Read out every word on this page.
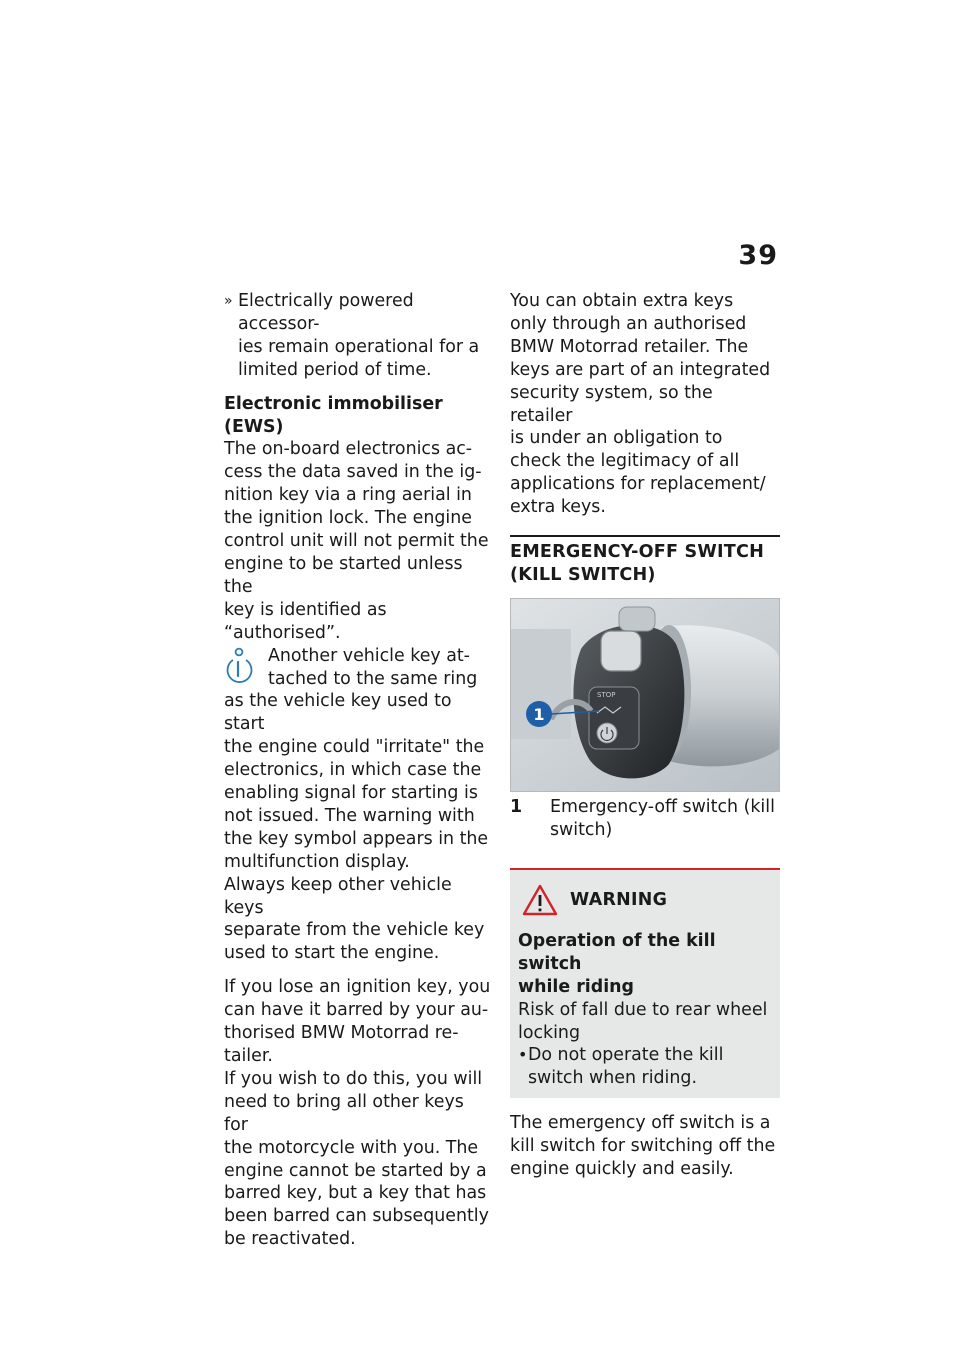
39
» Electrically powered accessor-
ies remain operational for a
limited period of time.
Electronic immobiliser (EWS)
The on-board electronics ac-
cess the data saved in the ig-
nition key via a ring aerial in
the ignition lock. The engine
control unit will not permit the
engine to be started unless the
key is identified as “authorised”.
Another vehicle key at-
tached to the same ring
as the vehicle key used to start
the engine could "irritate" the
electronics, in which case the
enabling signal for starting is
not issued. The warning with
the key symbol appears in the
multifunction display.
Always keep other vehicle keys
separate from the vehicle key
used to start the engine.
If you lose an ignition key, you
can have it barred by your au-
thorised BMW Motorrad re-
tailer.
If you wish to do this, you will
need to bring all other keys for
the motorcycle with you. The
engine cannot be started by a
barred key, but a key that has
been barred can subsequently
be reactivated.
You can obtain extra keys
only through an authorised
BMW Motorrad retailer. The
keys are part of an integrated
security system, so the retailer
is under an obligation to
check the legitimacy of all
applications for replacement/
extra keys.
EMERGENCY-OFF SWITCH
(KILL SWITCH)
STOP
1
1	Emergency-off switch (kill
switch)
WARNING
Operation of the kill switch
while riding
Risk of fall due to rear wheel
locking
• Do not operate the kill
switch when riding.
The emergency off switch is a
kill switch for switching off the
engine quickly and easily.
